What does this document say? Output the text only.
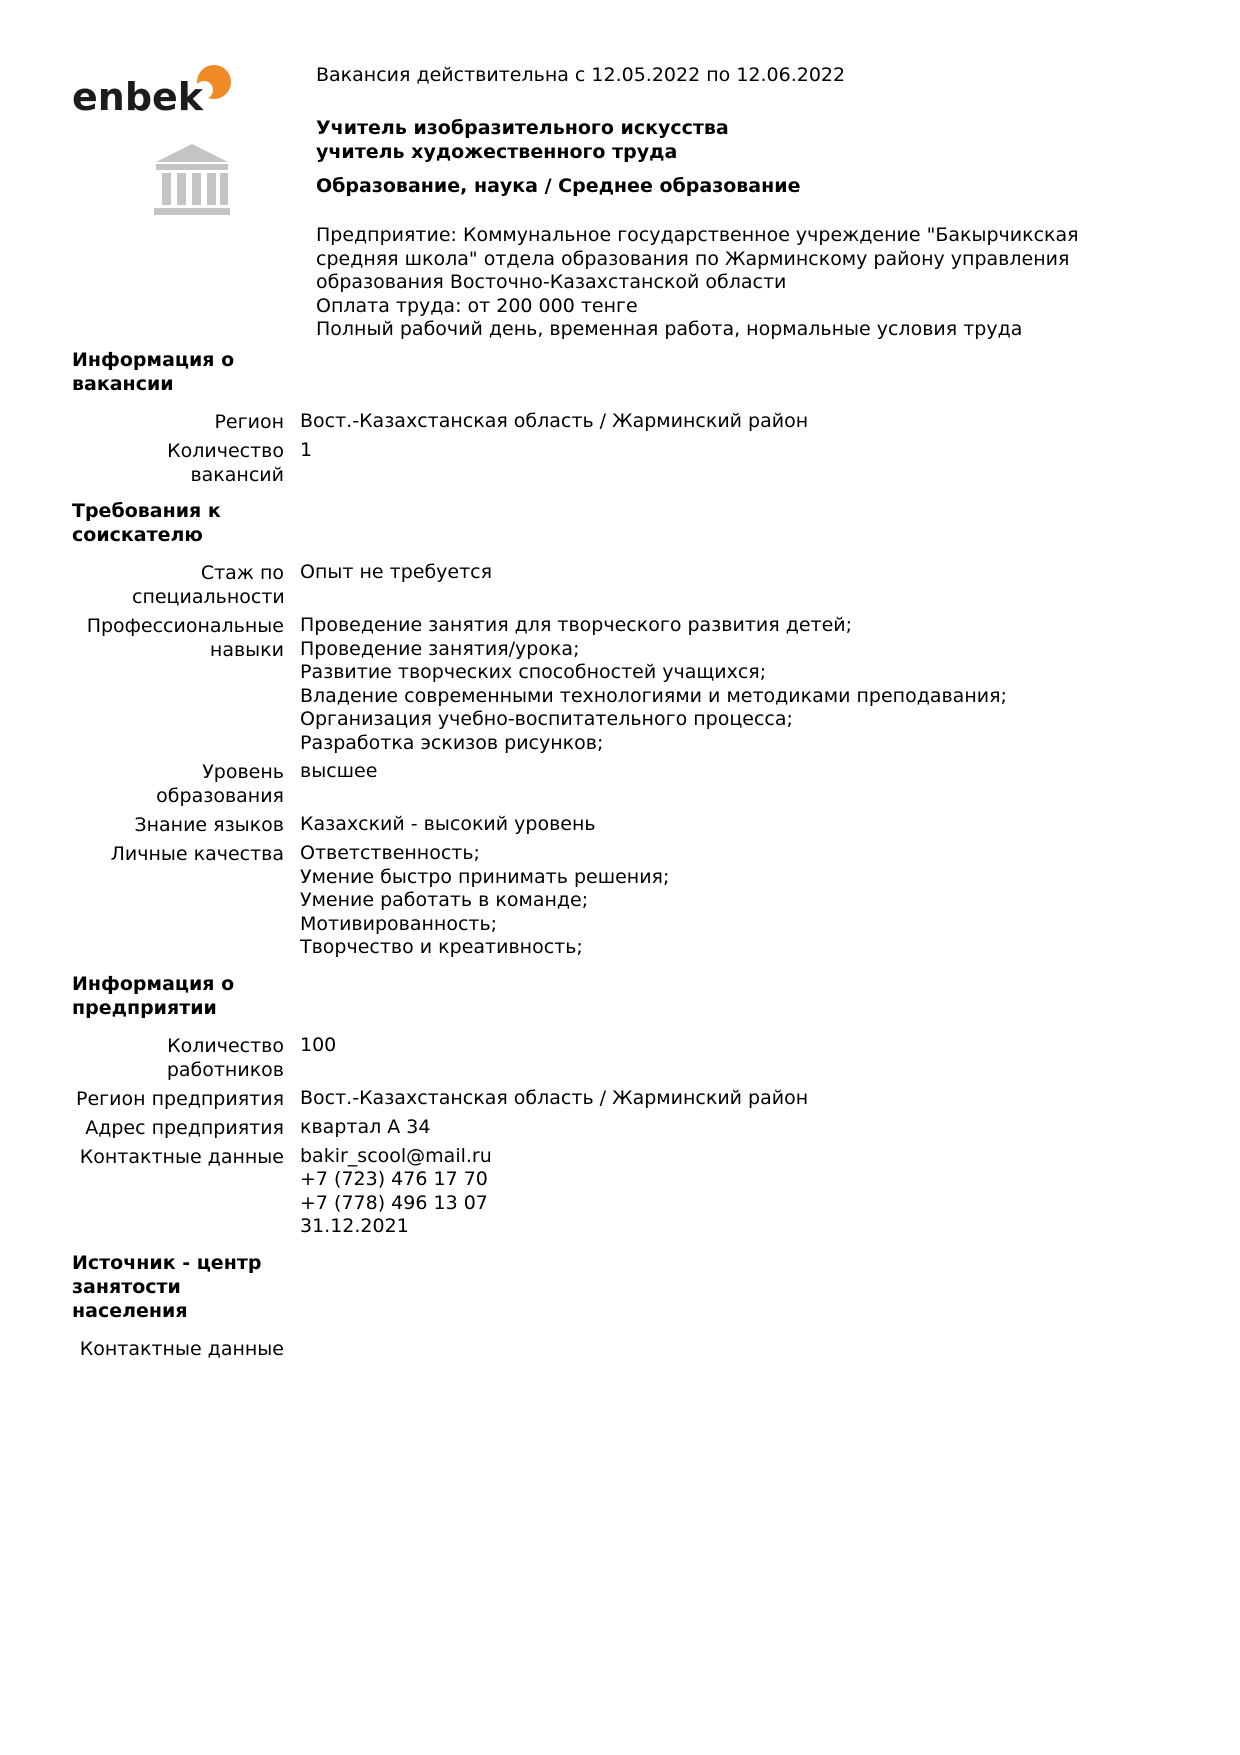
enbek	Вакансия действительна с 12.05.2022 по 12.06.2022

Учитель изобразительного искусства
учитель художественного труда

Образование, наука / Среднее образование

Предприятие: Коммунальное государственное учреждение "Бакырчикская
средняя школа" отдела образования по Жарминскому району управления
образования Восточно-Казахстанской области
Оплата труда: от 200 000 тенге
Полный рабочий день, временная работа, нормальные условия труда
Информация о вакансии
Регион Вост.-Казахстанская область / Жарминский район
Количество вакансий
1
Требования к соискателю
Стаж по специальности
Опыт не требуется
Профессиональные навыки
Проведение занятия для творческого развития детей;
Проведение занятия/урока;
Развитие творческих способностей учащихся;
Владение современными технологиями и методиками преподавания;
Организация учебно-воспитательного процесса;
Разработка эскизов рисунков;
Уровень образования
высшее
Знание языков Казахский - высокий уровень
Личные качества Ответственность;
Умение быстро принимать решения;
Умение работать в команде;
Мотивированность;
Творчество и креативность;
Информация о предприятии
Количество работников
100
Регион предприятия Вост.-Казахстанская область / Жарминский район
Адрес предприятия квартал А 34
Контактные данные bakir_scool@mail.ru
+7 (723) 476 17 70
+7 (778) 496 13 07
31.12.2021
Источник - центр занятости населения
Контактные данные
